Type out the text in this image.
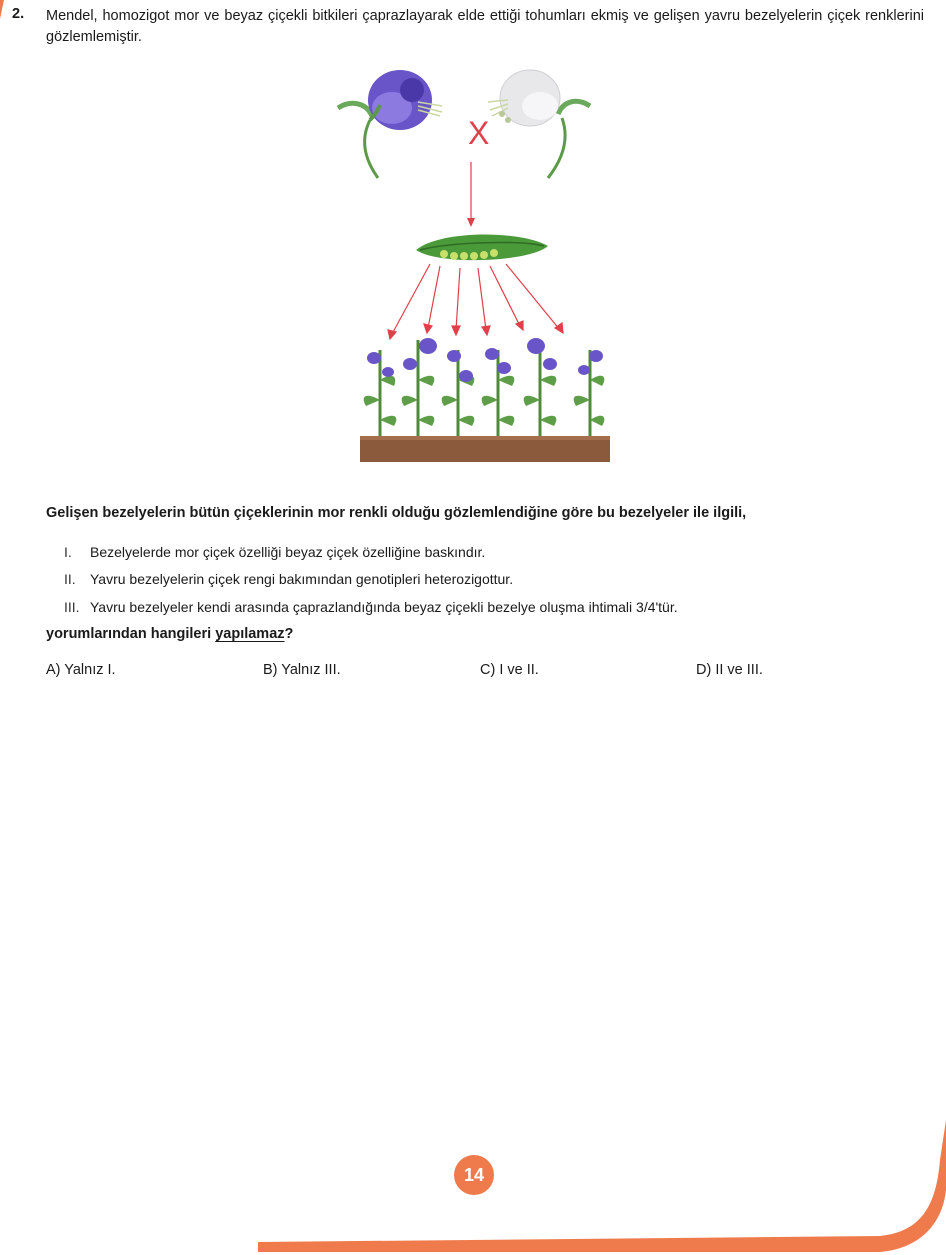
2. Mendel, homozigot mor ve beyaz çiçekli bitkileri çaprazlayarak elde ettiği tohumları ekmiş ve gelişen yavru bezelyelerin çiçek renklerini gözlemlemiştir.
X
Gelişen bezelyelerin bütün çiçeklerinin mor renkli olduğu gözlemlendiğine göre bu bezelyeler ile ilgili,
I.	Bezelyelerde mor çiçek özelliği beyaz çiçek özelliğine baskındır.
II.	Yavru bezelyelerin çiçek rengi bakımından genotipleri heterozigottur.
III. Yavru bezelyeler kendi arasında çaprazlandığında beyaz çiçekli bezelye oluşma ihtimali 3/4'tür.
yorumlarından hangileri yapılamaz?
A) Yalnız I.	B) Yalnız III.	C) I ve II.	D) II ve III.
14
